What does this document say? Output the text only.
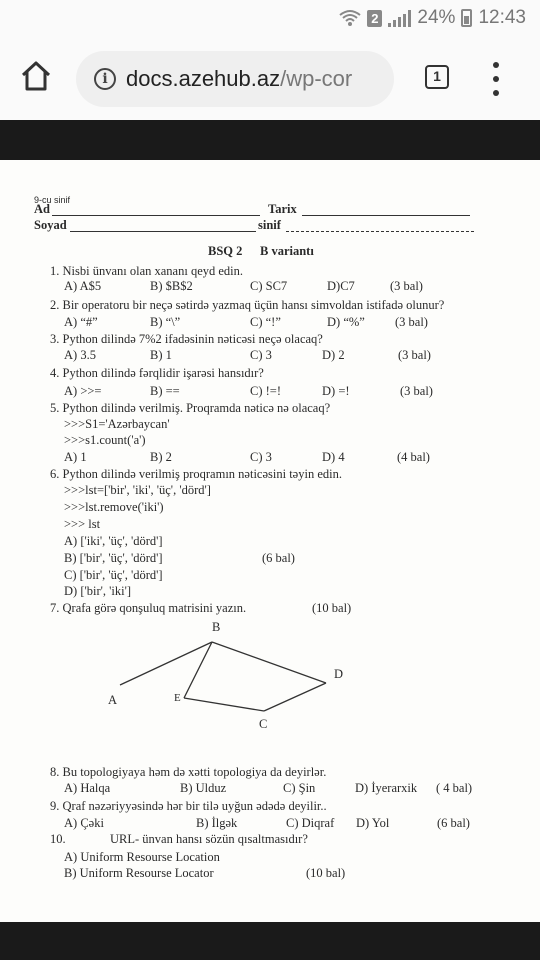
2 24% 12:43
i docs.azehub.az /wp-cor	1
9-cu sinif
Ad	Tarix
Soyad	sinif
BSQ 2 B variantı
1. Nisbi ünvanı olan xananı qeyd edin.
A) A$5	B) $B$2	C) SC7	D)C7	(3 bal)
2. Bir operatoru bir neçə sətirdə yazmaq üçün hansı simvoldan istifadə olunur?
A) “#”	B) “\”	C) “!”	D) “%” (3 bal)
3. Python dilində 7%2 ifadəsinin nəticəsi neçə olacaq?
A) 3.5	B) 1	C) 3	D) 2	(3 bal)
4. Python dilində fərqlidir işarəsi hansıdır?
A) >>=	B) ==	C) !=!	D) =!	(3 bal)
5. Python dilində verilmiş. Proqramda nəticə nə olacaq?
>>>S1='Azərbaycan'
>>>s1.count('a')
A) 1	B) 2	C) 3	D) 4	(4 bal)
6. Python dilində verilmiş proqramın nəticəsini təyin edin.
>>>lst=['bir', 'iki', 'üç', 'dörd']
>>>lst.remove('iki')
>>> lst
A) ['iki', 'üç', 'dörd']
B) ['bir', 'üç', 'dörd']	(6 bal)
C) ['bir', 'üç', 'dörd']
D) ['bir', 'iki']
7. Qrafa görə qonşuluq matrisini yazın.	(10 bal)
B
A	E
D
C
8. Bu topologiyaya həm də xətti topologiya da deyirlər.
A) Halqa	B) Ulduz	C) Şin	D) İyerarxik ( 4 bal)
9. Qraf nəzəriyyəsində hər bir tilə uyğun ədədə deyilir..
A) Çəki	B) İlgək	C) Diqraf D) Yol	(6 bal)
10.	URL- ünvan hansı sözün qısaltmasıdır?
A) Uniform Resourse Location
B) Uniform Resourse Locator	(10 bal)
